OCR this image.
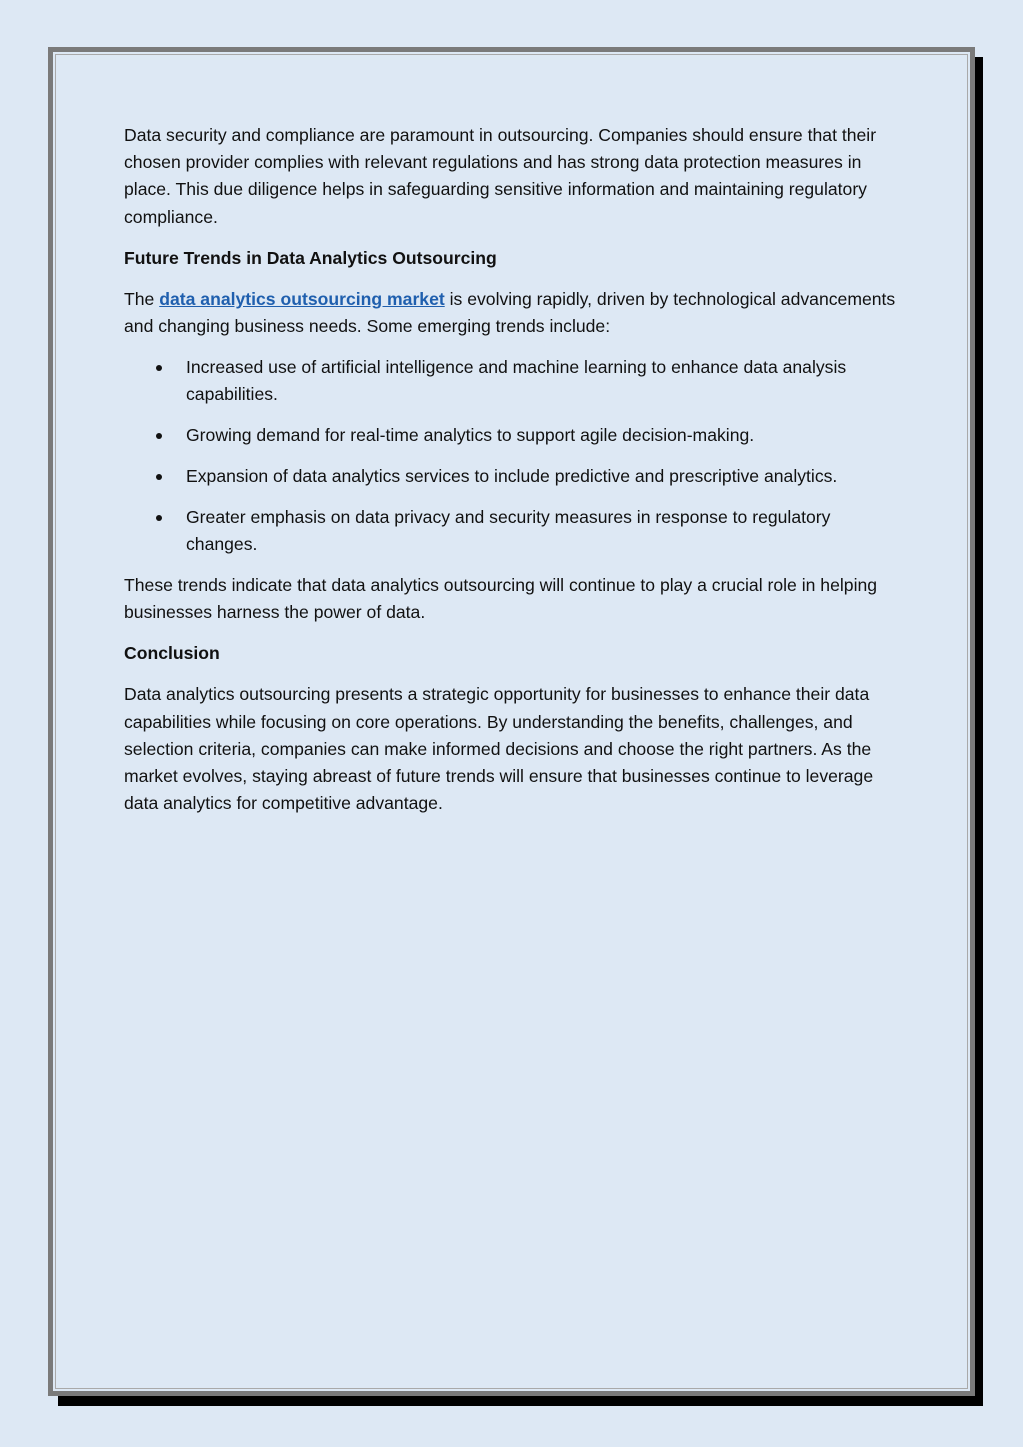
Data security and compliance are paramount in outsourcing. Companies should ensure that their chosen provider complies with relevant regulations and has strong data protection measures in place. This due diligence helps in safeguarding sensitive information and maintaining regulatory compliance.

Future Trends in Data Analytics Outsourcing

The data analytics outsourcing market is evolving rapidly, driven by technological advancements and changing business needs. Some emerging trends include:

Increased use of artificial intelligence and machine learning to enhance data analysis capabilities.
Growing demand for real-time analytics to support agile decision-making.
Expansion of data analytics services to include predictive and prescriptive analytics.
Greater emphasis on data privacy and security measures in response to regulatory changes.

These trends indicate that data analytics outsourcing will continue to play a crucial role in helping businesses harness the power of data.

Conclusion

Data analytics outsourcing presents a strategic opportunity for businesses to enhance their data capabilities while focusing on core operations. By understanding the benefits, challenges, and selection criteria, companies can make informed decisions and choose the right partners. As the market evolves, staying abreast of future trends will ensure that businesses continue to leverage data analytics for competitive advantage.
